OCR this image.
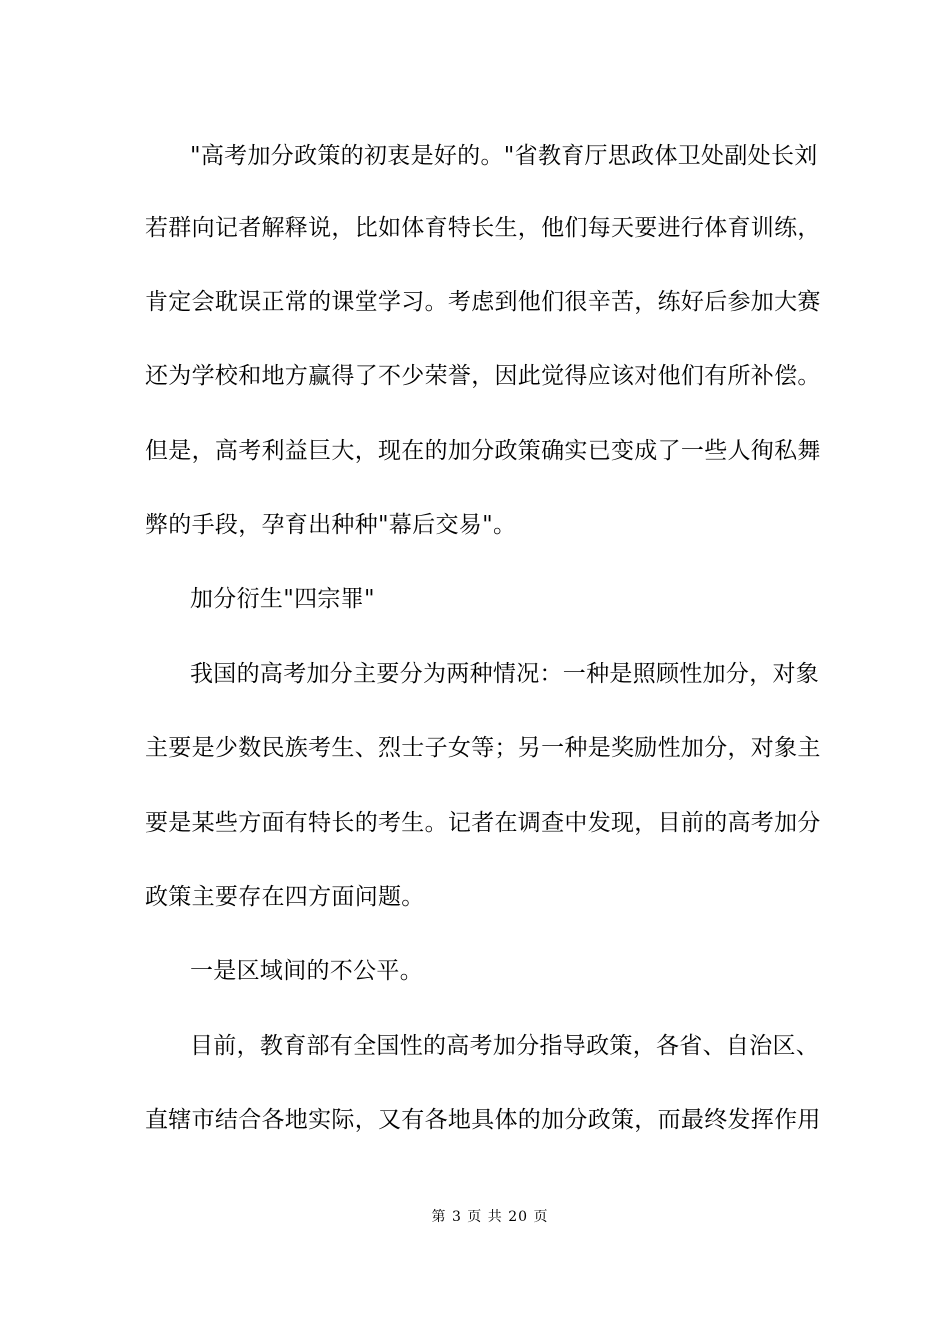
"高考加分政策的初衷是好的。"省教育厅思政体卫处副处长刘
若群向记者解释说，比如体育特长生，他们每天要进行体育训练，
肯定会耽误正常的课堂学习。考虑到他们很辛苦，练好后参加大赛
还为学校和地方赢得了不少荣誉，因此觉得应该对他们有所补偿。
但是，高考利益巨大，现在的加分政策确实已变成了一些人徇私舞
弊的手段，孕育出种种"幕后交易"。
加分衍生"四宗罪"
我国的高考加分主要分为两种情况：一种是照顾性加分，对象
主要是少数民族考生、烈士子女等；另一种是奖励性加分，对象主
要是某些方面有特长的考生。记者在调查中发现，目前的高考加分
政策主要存在四方面问题。
一是区域间的不公平。
目前，教育部有全国性的高考加分指导政策，各省、自治区、
直辖市结合各地实际，又有各地具体的加分政策，而最终发挥作用
第 3 页 共 20 页
